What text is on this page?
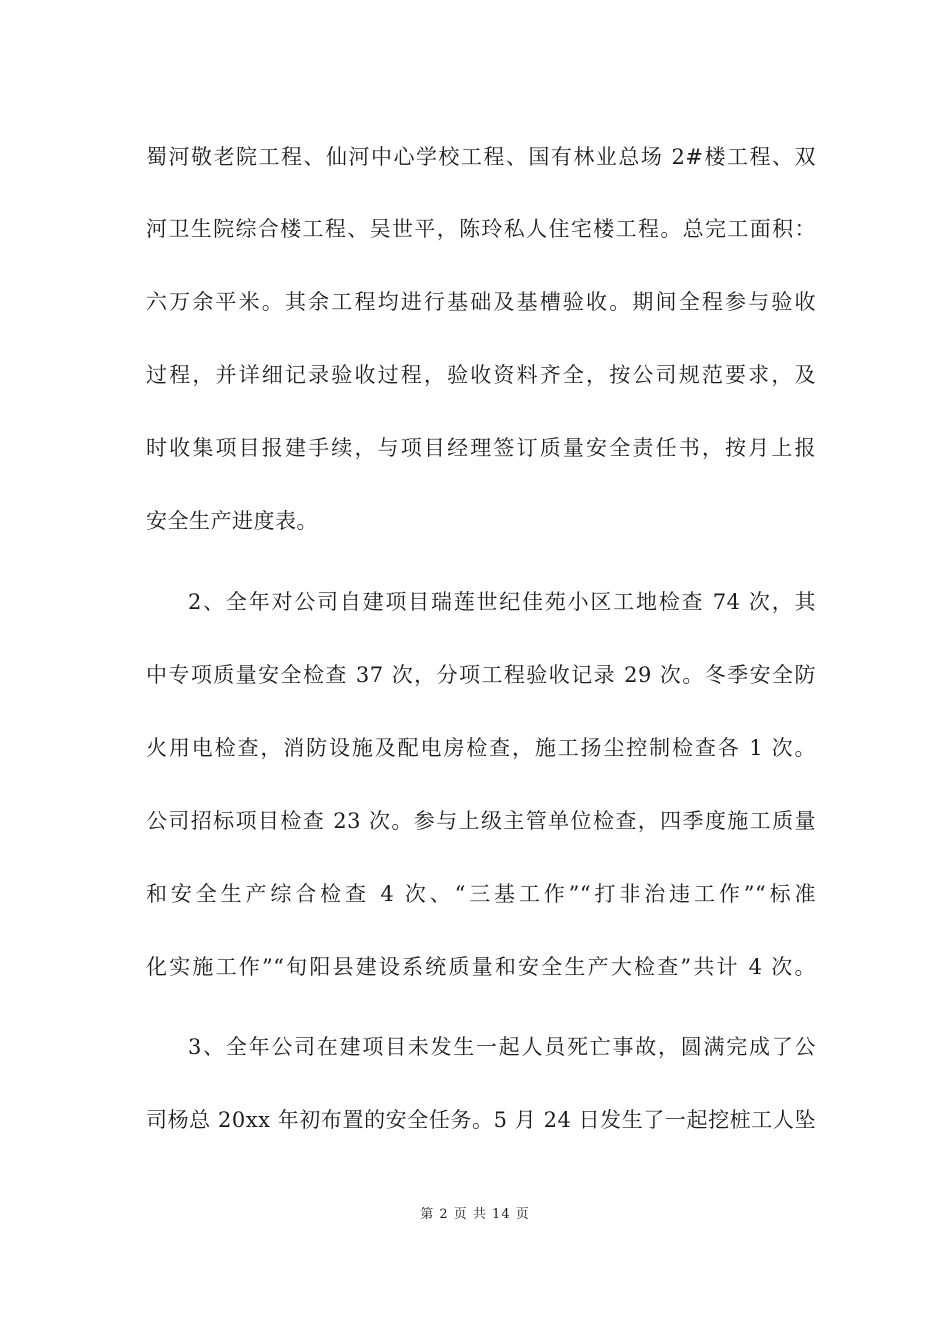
蜀河敬老院工程、仙河中心学校工程、国有林业总场 2#楼工程、双
河卫生院综合楼工程、吴世平，陈玲私人住宅楼工程。总完工面积：
六万余平米。其余工程均进行基础及基槽验收。期间全程参与验收
过程，并详细记录验收过程，验收资料齐全，按公司规范要求，及
时收集项目报建手续，与项目经理签订质量安全责任书，按月上报
安全生产进度表。
2、全年对公司自建项目瑞莲世纪佳苑小区工地检查 74 次，其
中专项质量安全检查 37 次，分项工程验收记录 29 次。冬季安全防
火用电检查，消防设施及配电房检查，施工扬尘控制检查各 1 次。
公司招标项目检查 23 次。参与上级主管单位检查，四季度施工质量
和安全生产综合检查 4 次、“三基工作”“打非治违工作”“标准
化实施工作”“旬阳县建设系统质量和安全生产大检查”共计 4 次。
3、全年公司在建项目未发生一起人员死亡事故，圆满完成了公
司杨总 20xx 年初布置的安全任务。5 月 24 日发生了一起挖桩工人坠
第 2 页 共 14 页
